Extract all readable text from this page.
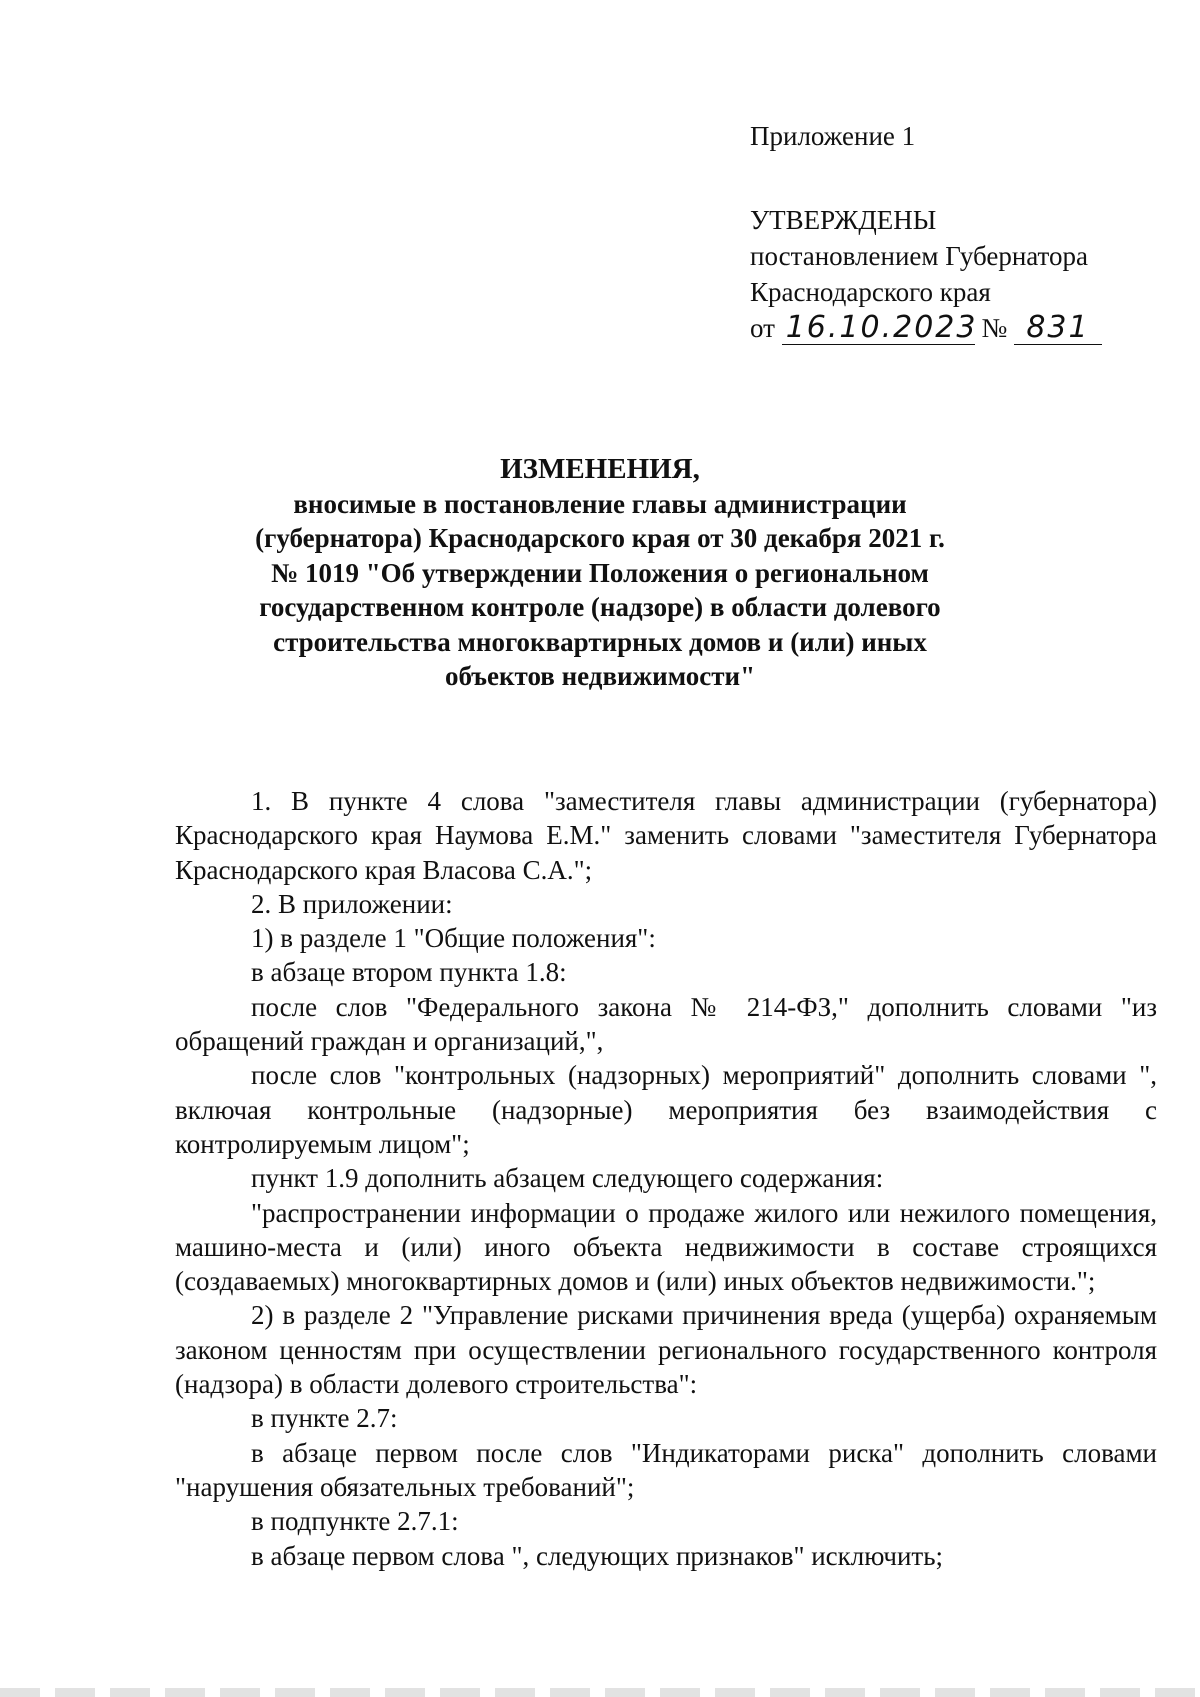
Приложение 1
УТВЕРЖДЕНЫ
постановлением Губернатора
Краснодарского края
от 16.10.2023 № 831
ИЗМЕНЕНИЯ,
вносимые в постановление главы администрации
(губернатора) Краснодарского края от 30 декабря 2021 г.
№ 1019 "Об утверждении Положения о региональном
государственном контроле (надзоре) в области долевого
строительства многоквартирных домов и (или) иных
объектов недвижимости"

1. В пункте 4 слова "заместителя главы администрации (губернатора) Краснодарского края Наумова Е.М." заменить словами "заместителя Губернатора Краснодарского края Власова С.А.";

2. В приложении:

1) в разделе 1 "Общие положения":

в абзаце втором пункта 1.8:

после слов "Федерального закона № 214-ФЗ," дополнить словами "из обращений граждан и организаций,",

после слов "контрольных (надзорных) мероприятий" дополнить словами ", включая контрольные (надзорные) мероприятия без взаимодействия с контролируемым лицом";

пункт 1.9 дополнить абзацем следующего содержания:

"распространении информации о продаже жилого или нежилого помещения, машино-места и (или) иного объекта недвижимости в составе строящихся (создаваемых) многоквартирных домов и (или) иных объектов недвижимости.";

2) в разделе 2 "Управление рисками причинения вреда (ущерба) охраняемым законом ценностям при осуществлении регионального государственного контроля (надзора) в области долевого строительства":

в пункте 2.7:

в абзаце первом после слов "Индикаторами риска" дополнить словами "нарушения обязательных требований";

в подпункте 2.7.1:

в абзаце первом слова ", следующих признаков" исключить;
